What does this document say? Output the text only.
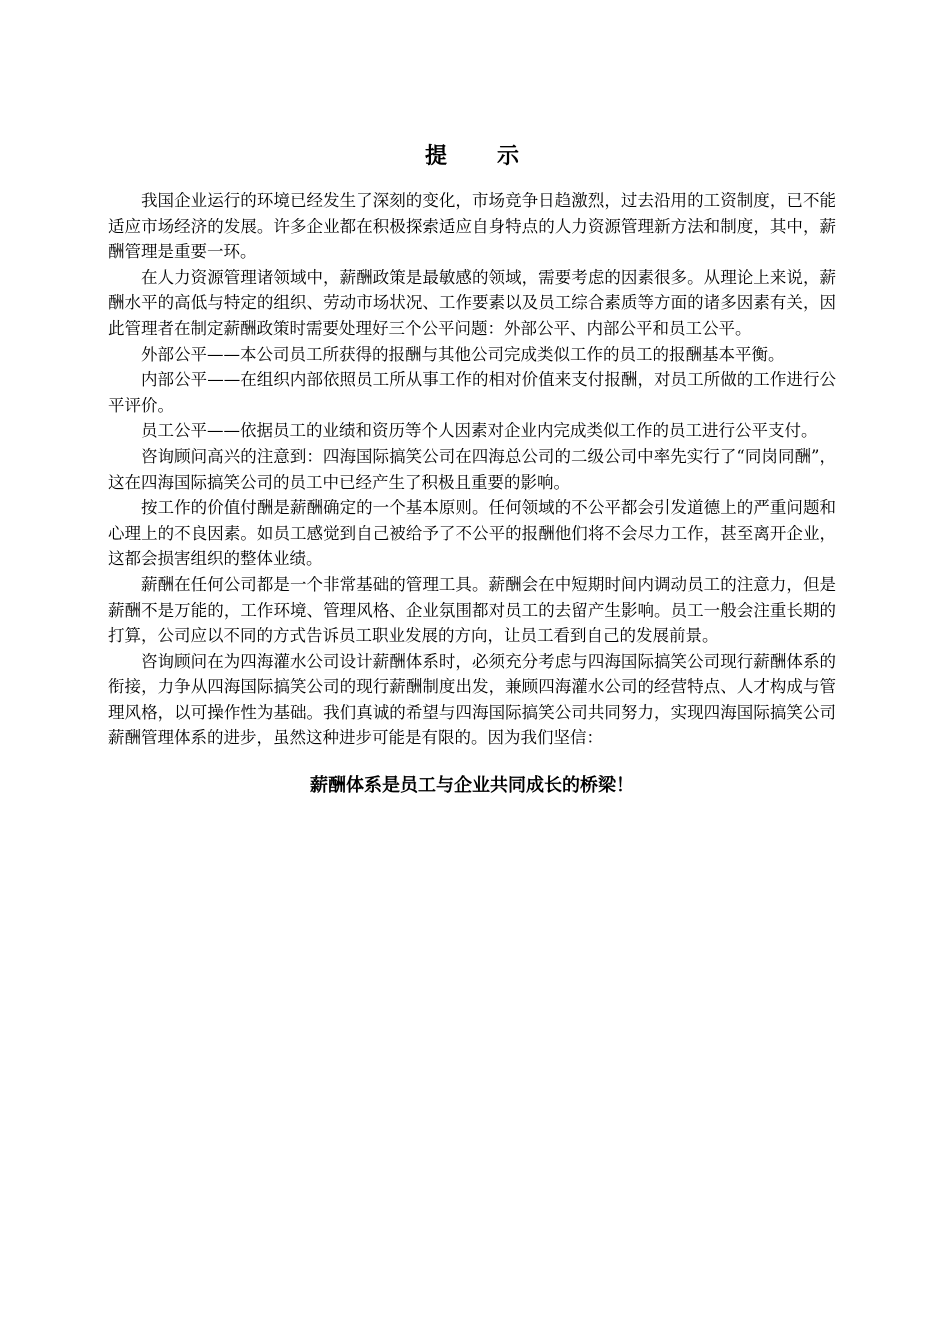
提示

我国企业运行的环境已经发生了深刻的变化，市场竞争日趋激烈，过去沿用的工资制度，已不能适应市场经济的发展。许多企业都在积极探索适应自身特点的人力资源管理新方法和制度，其中，薪酬管理是重要一环。

在人力资源管理诸领域中，薪酬政策是最敏感的领域，需要考虑的因素很多。从理论上来说，薪酬水平的高低与特定的组织、劳动市场状况、工作要素以及员工综合素质等方面的诸多因素有关，因此管理者在制定薪酬政策时需要处理好三个公平问题：外部公平、内部公平和员工公平。

外部公平——本公司员工所获得的报酬与其他公司完成类似工作的员工的报酬基本平衡。

内部公平——在组织内部依照员工所从事工作的相对价值来支付报酬，对员工所做的工作进行公平评价。

员工公平——依据员工的业绩和资历等个人因素对企业内完成类似工作的员工进行公平支付。

咨询顾问高兴的注意到：四海国际搞笑公司在四海总公司的二级公司中率先实行了“同岗同酬”，这在四海国际搞笑公司的员工中已经产生了积极且重要的影响。

按工作的价值付酬是薪酬确定的一个基本原则。任何领域的不公平都会引发道德上的严重问题和心理上的不良因素。如员工感觉到自己被给予了不公平的报酬他们将不会尽力工作，甚至离开企业，这都会损害组织的整体业绩。

薪酬在任何公司都是一个非常基础的管理工具。薪酬会在中短期时间内调动员工的注意力，但是薪酬不是万能的，工作环境、管理风格、企业氛围都对员工的去留产生影响。员工一般会注重长期的打算，公司应以不同的方式告诉员工职业发展的方向，让员工看到自己的发展前景。

咨询顾问在为四海灌水公司设计薪酬体系时，必须充分考虑与四海国际搞笑公司现行薪酬体系的衔接，力争从四海国际搞笑公司的现行薪酬制度出发，兼顾四海灌水公司的经营特点、人才构成与管理风格，以可操作性为基础。我们真诚的希望与四海国际搞笑公司共同努力，实现四海国际搞笑公司薪酬管理体系的进步，虽然这种进步可能是有限的。因为我们坚信：

薪酬体系是员工与企业共同成长的桥梁！
